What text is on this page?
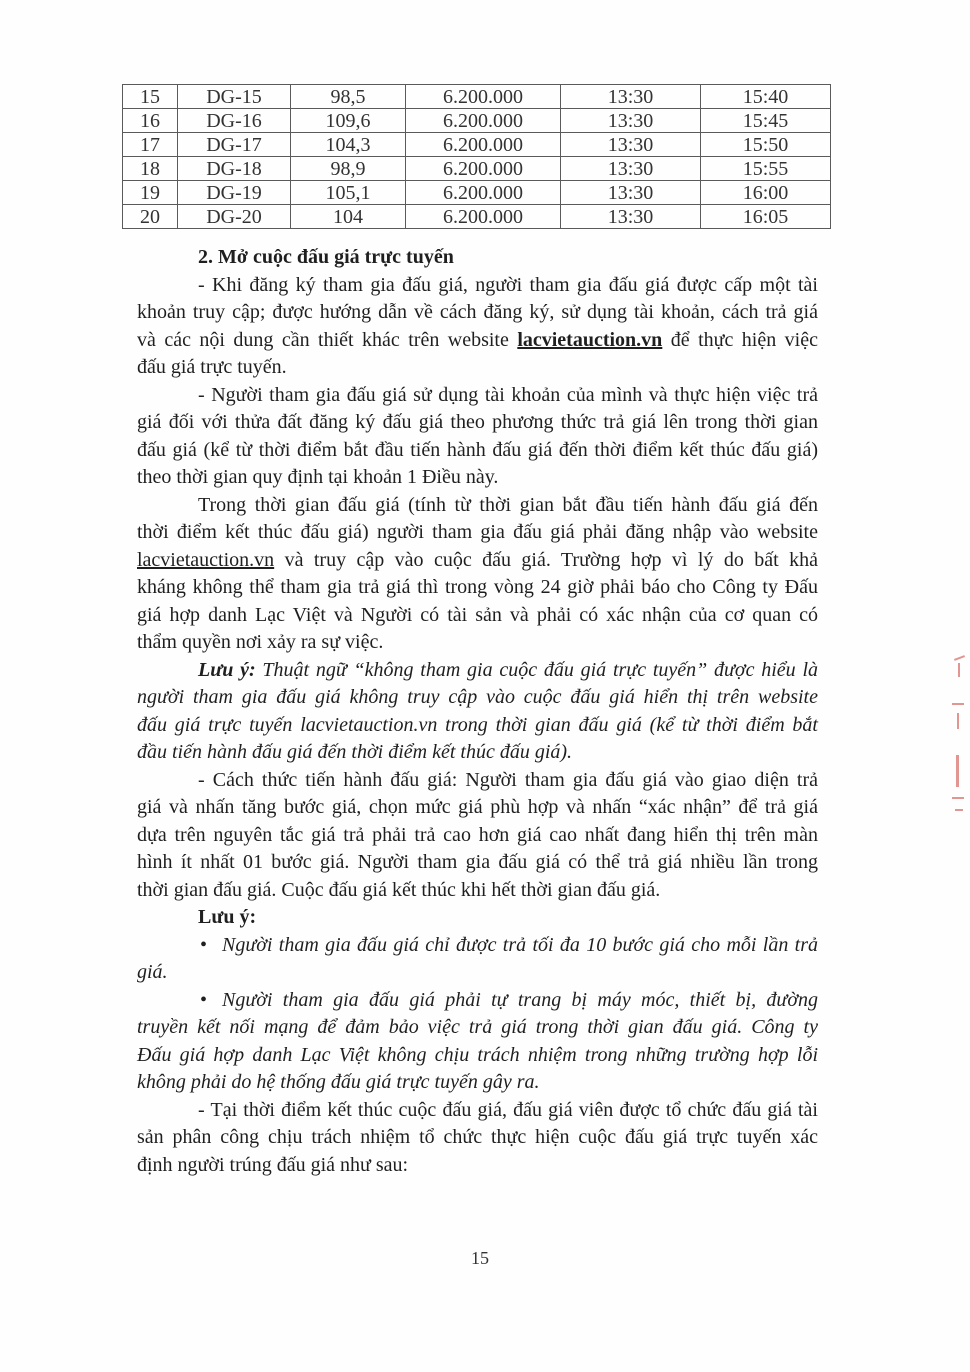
15	DG-15	98,5	6.200.000	13:30	15:40
16	DG-16	109,6	6.200.000	13:30	15:45
17	DG-17	104,3	6.200.000	13:30	15:50
18	DG-18	98,9	6.200.000	13:30	15:55
19	DG-19	105,1	6.200.000	13:30	16:00
20	DG-20	104	6.200.000	13:30	16:05
2. Mở cuộc đấu giá trực tuyến
- Khi đăng ký tham gia đấu giá, người tham gia đấu giá được cấp một tài
khoản truy cập; được hướng dẫn về cách đăng ký, sử dụng tài khoản, cách trả giá
và các nội dung cần thiết khác trên website lacvietauction.vn để thực hiện việc
đấu giá trực tuyến.
- Người tham gia đấu giá sử dụng tài khoản của mình và thực hiện việc trả
giá đối với thửa đất đăng ký đấu giá theo phương thức trả giá lên trong thời gian
đấu giá (kể từ thời điểm bắt đầu tiến hành đấu giá đến thời điểm kết thúc đấu giá)
theo thời gian quy định tại khoản 1 Điều này.
Trong thời gian đấu giá (tính từ thời gian bắt đầu tiến hành đấu giá đến
thời điểm kết thúc đấu giá) người tham gia đấu giá phải đăng nhập vào website
lacvietauction.vn và truy cập vào cuộc đấu giá. Trường hợp vì lý do bất khả
kháng không thể tham gia trả giá thì trong vòng 24 giờ phải báo cho Công ty Đấu
giá hợp danh Lạc Việt và Người có tài sản và phải có xác nhận của cơ quan có
thẩm quyền nơi xảy ra sự việc.
Lưu ý: Thuật ngữ “không tham gia cuộc đấu giá trực tuyến” được hiểu là
người tham gia đấu giá không truy cập vào cuộc đấu giá hiển thị trên website
đấu giá trực tuyến lacvietauction.vn trong thời gian đấu giá (kể từ thời điểm bắt
đầu tiến hành đấu giá đến thời điểm kết thúc đấu giá).
- Cách thức tiến hành đấu giá: Người tham gia đấu giá vào giao diện trả
giá và nhấn tăng bước giá, chọn mức giá phù hợp và nhấn “xác nhận” để trả giá
dựa trên nguyên tắc giá trả phải trả cao hơn giá cao nhất đang hiển thị trên màn
hình ít nhất 01 bước giá. Người tham gia đấu giá có thể trả giá nhiều lần trong
thời gian đấu giá. Cuộc đấu giá kết thúc khi hết thời gian đấu giá.
Lưu ý:
• Người tham gia đấu giá chỉ được trả tối đa 10 bước giá cho mỗi lần trả
giá.
• Người tham gia đấu giá phải tự trang bị máy móc, thiết bị, đường
truyền kết nối mạng để đảm bảo việc trả giá trong thời gian đấu giá. Công ty
Đấu giá hợp danh Lạc Việt không chịu trách nhiệm trong những trường hợp lỗi
không phải do hệ thống đấu giá trực tuyến gây ra.
- Tại thời điểm kết thúc cuộc đấu giá, đấu giá viên được tổ chức đấu giá tài
sản phân công chịu trách nhiệm tổ chức thực hiện cuộc đấu giá trực tuyến xác
định người trúng đấu giá như sau:
15
